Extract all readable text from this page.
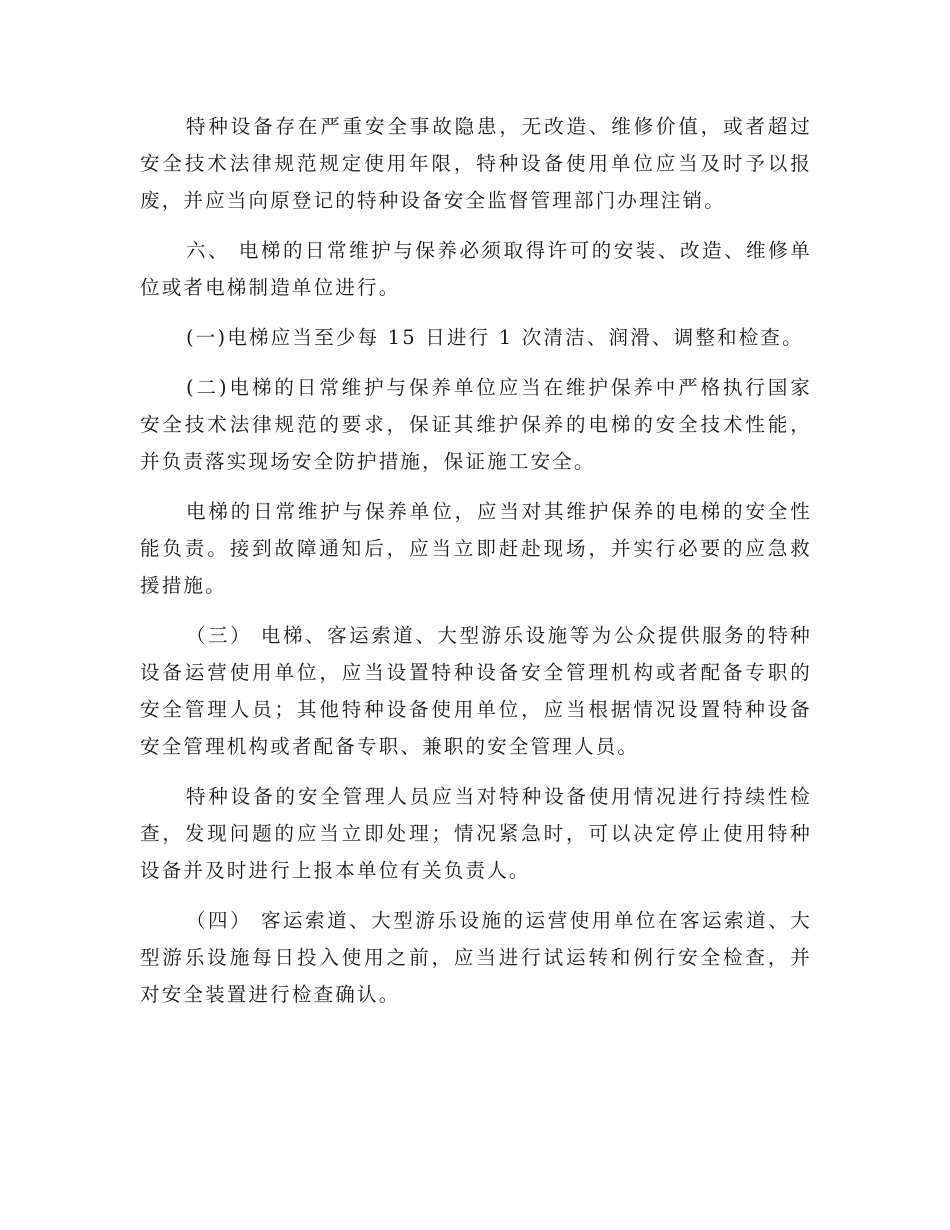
特种设备存在严重安全事故隐患，无改造、维修价值，或者超过安全技术法律规范规定使用年限，特种设备使用单位应当及时予以报废，并应当向原登记的特种设备安全监督管理部门办理注销。

六、 电梯的日常维护与保养必须取得许可的安装、改造、维修单位或者电梯制造单位进行。

(一)电梯应当至少每 15 日进行 1 次清洁、润滑、调整和检查。

(二)电梯的日常维护与保养单位应当在维护保养中严格执行国家安全技术法律规范的要求，保证其维护保养的电梯的安全技术性能，并负责落实现场安全防护措施，保证施工安全。

电梯的日常维护与保养单位，应当对其维护保养的电梯的安全性能负责。接到故障通知后，应当立即赶赴现场，并实行必要的应急救援措施。

（三） 电梯、客运索道、大型游乐设施等为公众提供服务的特种设备运营使用单位，应当设置特种设备安全管理机构或者配备专职的安全管理人员；其他特种设备使用单位，应当根据情况设置特种设备安全管理机构或者配备专职、兼职的安全管理人员。

特种设备的安全管理人员应当对特种设备使用情况进行持续性检查，发现问题的应当立即处理；情况紧急时，可以决定停止使用特种设备并及时进行上报本单位有关负责人。

（四） 客运索道、大型游乐设施的运营使用单位在客运索道、大型游乐设施每日投入使用之前，应当进行试运转和例行安全检查，并对安全装置进行检查确认。
